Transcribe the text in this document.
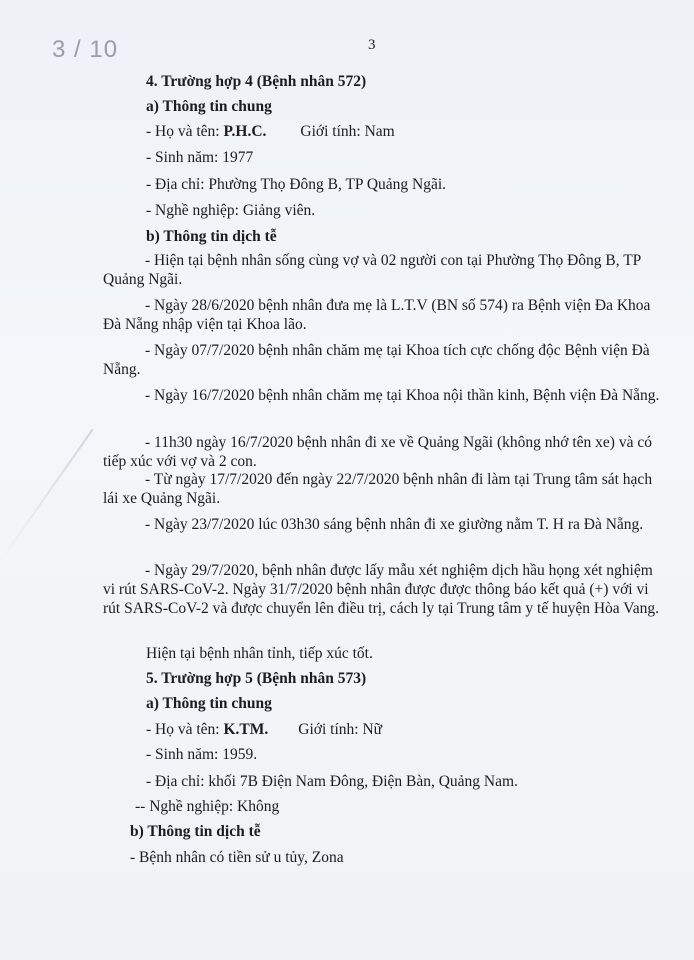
3 / 10	3
4. Trường hợp 4 (Bệnh nhân 572)
a) Thông tin chung
- Họ và tên: P.H.C. Giới tính: Nam
- Sinh năm: 1977
- Địa chỉ: Phường Thọ Đông B, TP Quảng Ngãi.
- Nghề nghiệp: Giảng viên.
b) Thông tin dịch tễ
- Hiện tại bệnh nhân sống cùng vợ và 02 người con tại Phường Thọ Đông B, TP Quảng Ngãi.
- Ngày 28/6/2020 bệnh nhân đưa mẹ là L.T.V (BN số 574) ra Bệnh viện Đa Khoa Đà Nẵng nhập viện tại Khoa lão.
- Ngày 07/7/2020 bệnh nhân chăm mẹ tại Khoa tích cực chống độc Bệnh viện Đà Nẵng.
- Ngày 16/7/2020 bệnh nhân chăm mẹ tại Khoa nội thần kinh, Bệnh viện Đà Nẵng.
- 11h30 ngày 16/7/2020 bệnh nhân đi xe về Quảng Ngãi (không nhớ tên xe) và có tiếp xúc với vợ và 2 con.
- Từ ngày 17/7/2020 đến ngày 22/7/2020 bệnh nhân đi làm tại Trung tâm sát hạch lái xe Quảng Ngãi.
- Ngày 23/7/2020 lúc 03h30 sáng bệnh nhân đi xe giường nằm T. H ra Đà Nẵng.
- Ngày 29/7/2020, bệnh nhân được lấy mẫu xét nghiệm dịch hầu họng xét nghiệm vi rút SARS-CoV-2. Ngày 31/7/2020 bệnh nhân được được thông báo kết quả (+) với vi rút SARS-CoV-2 và được chuyển lên điều trị, cách ly tại Trung tâm y tế huyện Hòa Vang.
Hiện tại bệnh nhân tỉnh, tiếp xúc tốt.
5. Trường hợp 5 (Bệnh nhân 573)
a) Thông tin chung
- Họ và tên: K.TM. Giới tính: Nữ
- Sinh năm: 1959.
- Địa chỉ: khối 7B Điện Nam Đông, Điện Bàn, Quảng Nam.
-- Nghề nghiệp: Không
b) Thông tin dịch tễ
- Bệnh nhân có tiền sử u tủy, Zona
